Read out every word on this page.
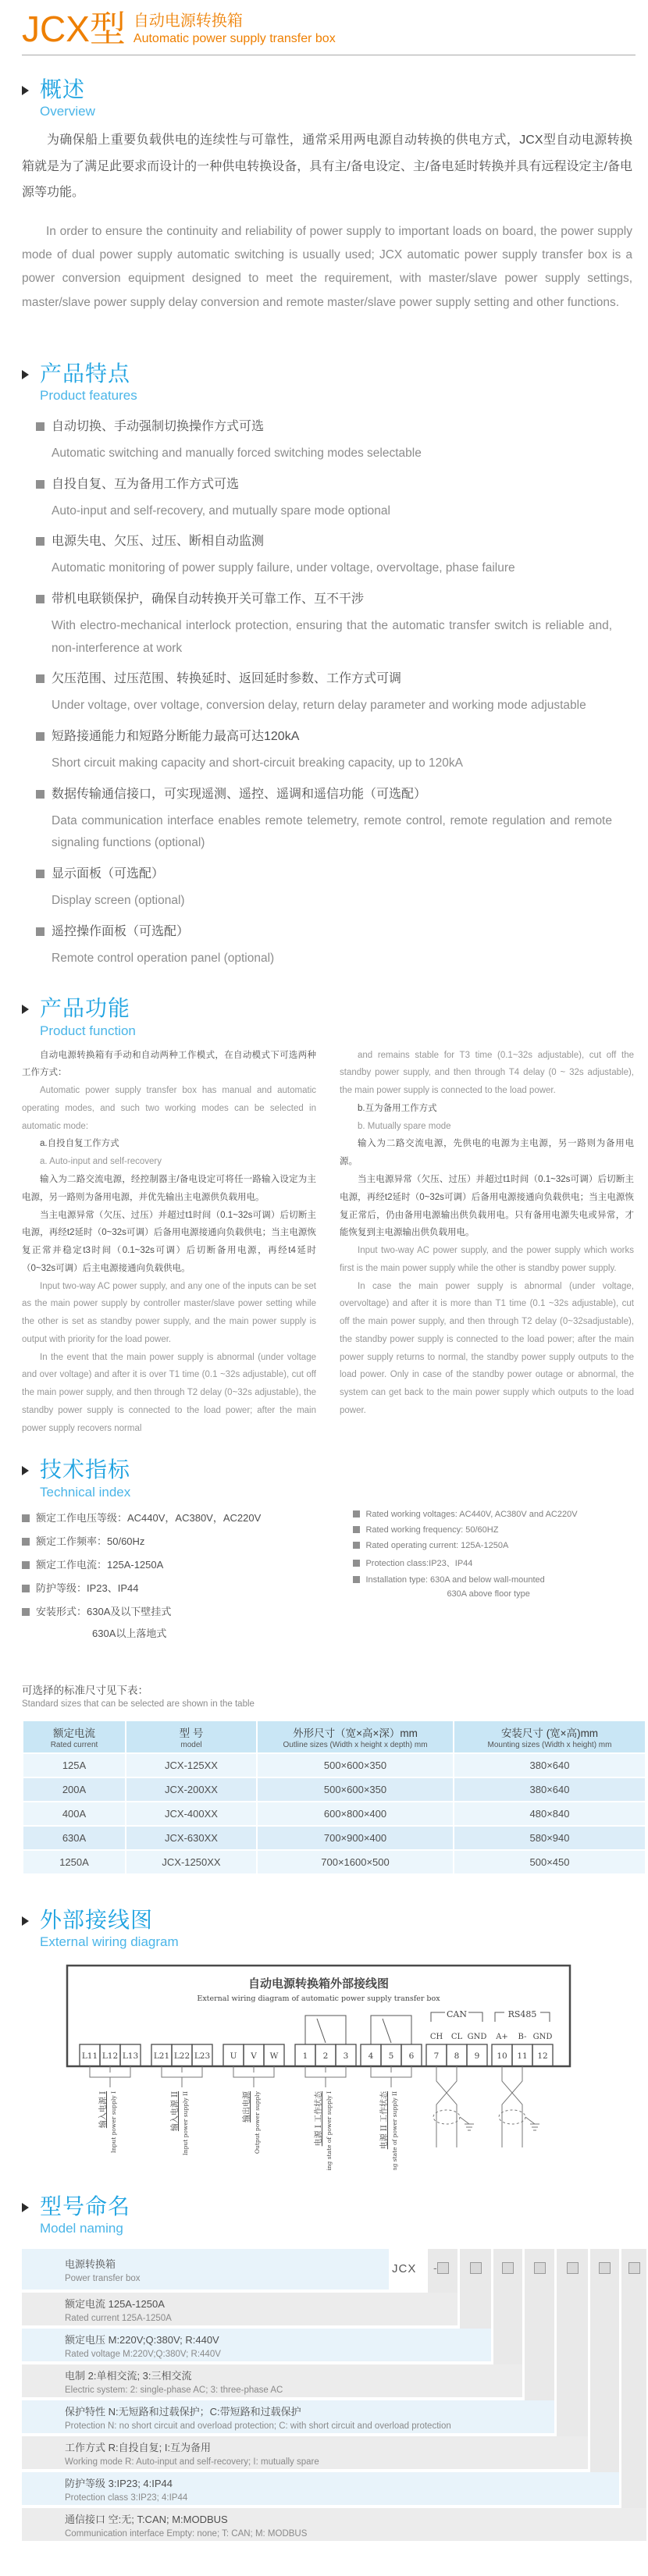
JCX型 自动电源转换箱
Automatic power supply transfer box
概述
Overview

为确保船上重要负载供电的连续性与可靠性，通常采用两电源自动转换的供电方式，JCX型自动电源转换箱就是为了满足此要求而设计的一种供电转换设备，具有主/备电设定、主/备电延时转换并具有远程设定主/备电源等功能。

In order to ensure the continuity and reliability of power supply to important loads on board, the power supply mode of dual power supply automatic switching is usually used; JCX automatic power supply transfer box is a power conversion equipment designed to meet the requirement, with master/slave power supply settings, master/slave power supply delay conversion and remote master/slave power supply setting and other functions.

产品特点
Product features
自动切换、手动强制切换操作方式可选
Automatic switching and manually forced switching modes selectable
自投自复、互为备用工作方式可选
Auto-input and self-recovery, and mutually spare mode optional
电源失电、欠压、过压、断相自动监测
Automatic monitoring of power supply failure, under voltage, overvoltage, phase failure
带机电联锁保护，确保自动转换开关可靠工作、互不干涉
With electro-mechanical interlock protection, ensuring that the automatic transfer switch is reliable and, non-interference at work
欠压范围、过压范围、转换延时、返回延时参数、工作方式可调
Under voltage, over voltage, conversion delay, return delay parameter and working mode adjustable
短路接通能力和短路分断能力最高可达120kA
Short circuit making capacity and short-circuit breaking capacity, up to 120kA
数据传输通信接口，可实现遥测、遥控、遥调和遥信功能（可选配）
Data communication interface enables remote telemetry, remote control, remote regulation and remote signaling functions (optional)
显示面板（可选配）
Display screen (optional)
遥控操作面板（可选配）
Remote control operation panel (optional)
产品功能
Product function

自动电源转换箱有手动和自动两种工作模式，在自动模式下可选两种工作方式：

Automatic power supply transfer box has manual and automatic operating modes, and such two working modes can be selected in automatic mode:

a.自投自复工作方式

a. Auto-input and self-recovery

输入为二路交流电源，经控制器主/备电设定可将任一路输入设定为主电源，另一路则为备用电源，并优先输出主电源供负载用电。

当主电源异常（欠压、过压）并超过t1时间（0.1~32s可调）后切断主电源，再经t2延时（0~32s可调）后备用电源接通向负载供电；当主电源恢复正常并稳定t3时间（0.1~32s可调）后切断备用电源，再经t4延时（0~32s可调）后主电源接通向负载供电。

Input two-way AC power supply, and any one of the inputs can be set as the main power supply by controller master/slave power setting while the other is set as standby power supply, and the main power supply is output with priority for the load power.

In the event that the main power supply is abnormal (under voltage and over voltage) and after it is over T1 time (0.1 ~32s adjustable), cut off the main power supply, and then through T2 delay (0~32s adjustable), the standby power supply is connected to the load power; after the main power supply recovers normal

and remains stable for T3 time (0.1~32s adjustable), cut off the standby power supply, and then through T4 delay (0 ~ 32s adjustable), the main power supply is connected to the load power.

b.互为备用工作方式

b. Mutually spare mode

输入为二路交流电源，先供电的电源为主电源，另一路则为备用电源。

当主电源异常（欠压、过压）并超过t1时间（0.1~32s可调）后切断主电源，再经t2延时（0~32s可调）后备用电源接通向负载供电；当主电源恢复正常后，仍由备用电源输出供负载用电。只有备用电源失电或异常，才能恢复到主电源输出供负载用电。

Input two-way AC power supply, and the power supply which works first is the main power supply while the other is standby power supply.

In case the main power supply is abnormal (under voltage, overvoltage) and after it is more than T1 time (0.1 ~32s adjustable), cut off the main power supply, and then through T2 delay (0~32sadjustable), the standby power supply is connected to the load power; after the main power supply returns to normal, the standby power supply outputs to the load power. Only in case of the standby power outage or abnormal, the system can get back to the main power supply which outputs to the load power.

技术指标
Technical index
额定工作电压等级：AC440V，AC380V，AC220V
额定工作频率：50/60Hz
额定工作电流：125A-1250A
防护等级：IP23、IP44
安装形式：630A及以下壁挂式
630A以上落地式
Rated working voltages: AC440V, AC380V and AC220V
Rated working frequency: 50/60HZ
Rated operating current: 125A-1250A
Protection class:IP23、IP44
Installation type: 630A and below wall-mounted
630A above floor type
可选择的标准尺寸见下表：
Standard sizes that can be selected are shown in the table
额定电流
Rated current

型 号
model

外形尺寸（宽×高×深）mm
Outline sizes (Width x height x depth) mm

安装尺寸 (宽×高)mm
Mounting sizes (Width x height) mm

125A	JCX-125XX	500×600×350	380×640
200A	JCX-200XX	500×600×350	380×640
400A	JCX-400XX	600×800×400	480×840
630A	JCX-630XX	700×900×400	580×940
1250A	JCX-1250XX	700×1600×500	500×450
外部接线图
External wiring diagram
自动电源转换箱外部接线图
External wiring diagram of automatic power supply transfer box
CAN	RS485
CH CL GND A+ B- GND
L11 L12 L13 L21 L22 L23 U V W	1 2 3 4 5 6 7 8 9 10 11 12
输入电源 I Input power supply I	输入电源 II Input power supply II	输出电源 Output power supply	电源 I 工作状态 Working state of power supply I	电源 II 工作状态 Working state of power supply II
型号命名
Model naming
电源转换箱
Power transfer box
额定电流 125A-1250A
Rated current 125A-1250A
额定电压 M:220V;Q:380V; R:440V
Rated voltage M:220V;Q:380V; R:440V
电制 2:单相交流; 3:三相交流
Electric system: 2: single-phase AC; 3: three-phase AC
保护特性 N:无短路和过载保护；C:带短路和过载保护
Protection N: no short circuit and overload protection; C: with short circuit and overload protection
工作方式 R:自投自复; I:互为备用
Working mode R: Auto-input and self-recovery; I: mutually spare
防护等级 3:IP23; 4:IP44
Protection class 3:IP23; 4:IP44
通信接口 空:无; T:CAN; M:MODBUS
Communication interface Empty: none; T: CAN; M: MODBUS
JCX -
